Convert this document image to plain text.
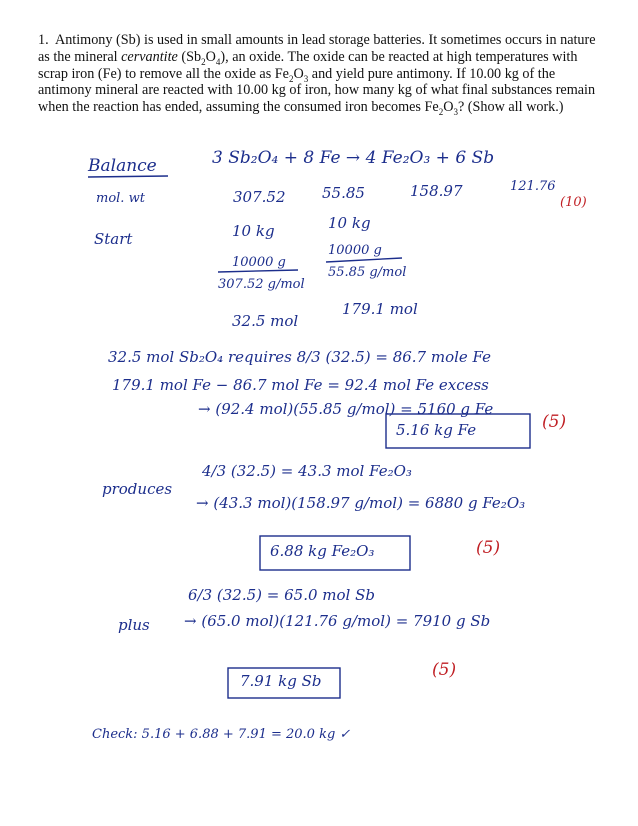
1. Antimony (Sb) is used in small amounts in lead storage batteries. It sometimes occurs in nature as the mineral cervantite $(Sb_2O_4)$, an oxide. The oxide can be reacted at high temperatures with scrap iron (Fe) to remove all the oxide as $Fe_2O_3$ and yield pure antimony. If 10.00 kg of the antimony mineral are reacted with 10.00 kg of iron, how many kg of what final substances remain when the reaction has ended, assuming the consumed iron becomes $Fe_2O_3$? (Show all work.)
Balance	3 Sb₂O₄ + 8 Fe → 4 Fe₂O₃ + 6 Sb
mol. wt	307.52 55.85	158.97	121.76
(10)
Start	10 kg	10 kg
10000 g
307.52 g/mol
10000 g
55.85 g/mol
32.5 mol
179.1 mol
32.5 mol Sb₂O₄ requires 8/3 (32.5) = 86.7 mole Fe
179.1 mol Fe − 86.7 mol Fe = 92.4 mol Fe excess
→ (92.4 mol)(55.85 g/mol) = 5160 g Fe
5.16 kg Fe	(5)
produces
4/3 (32.5) = 43.3 mol Fe₂O₃
→ (43.3 mol)(158.97 g/mol) = 6880 g Fe₂O₃
6.88 kg Fe₂O₃	(5)
plus
6/3 (32.5) = 65.0 mol Sb
→ (65.0 mol)(121.76 g/mol) = 7910 g Sb
7.91 kg Sb
(5)
Check: 5.16 + 6.88 + 7.91 = 20.0 kg ✓
